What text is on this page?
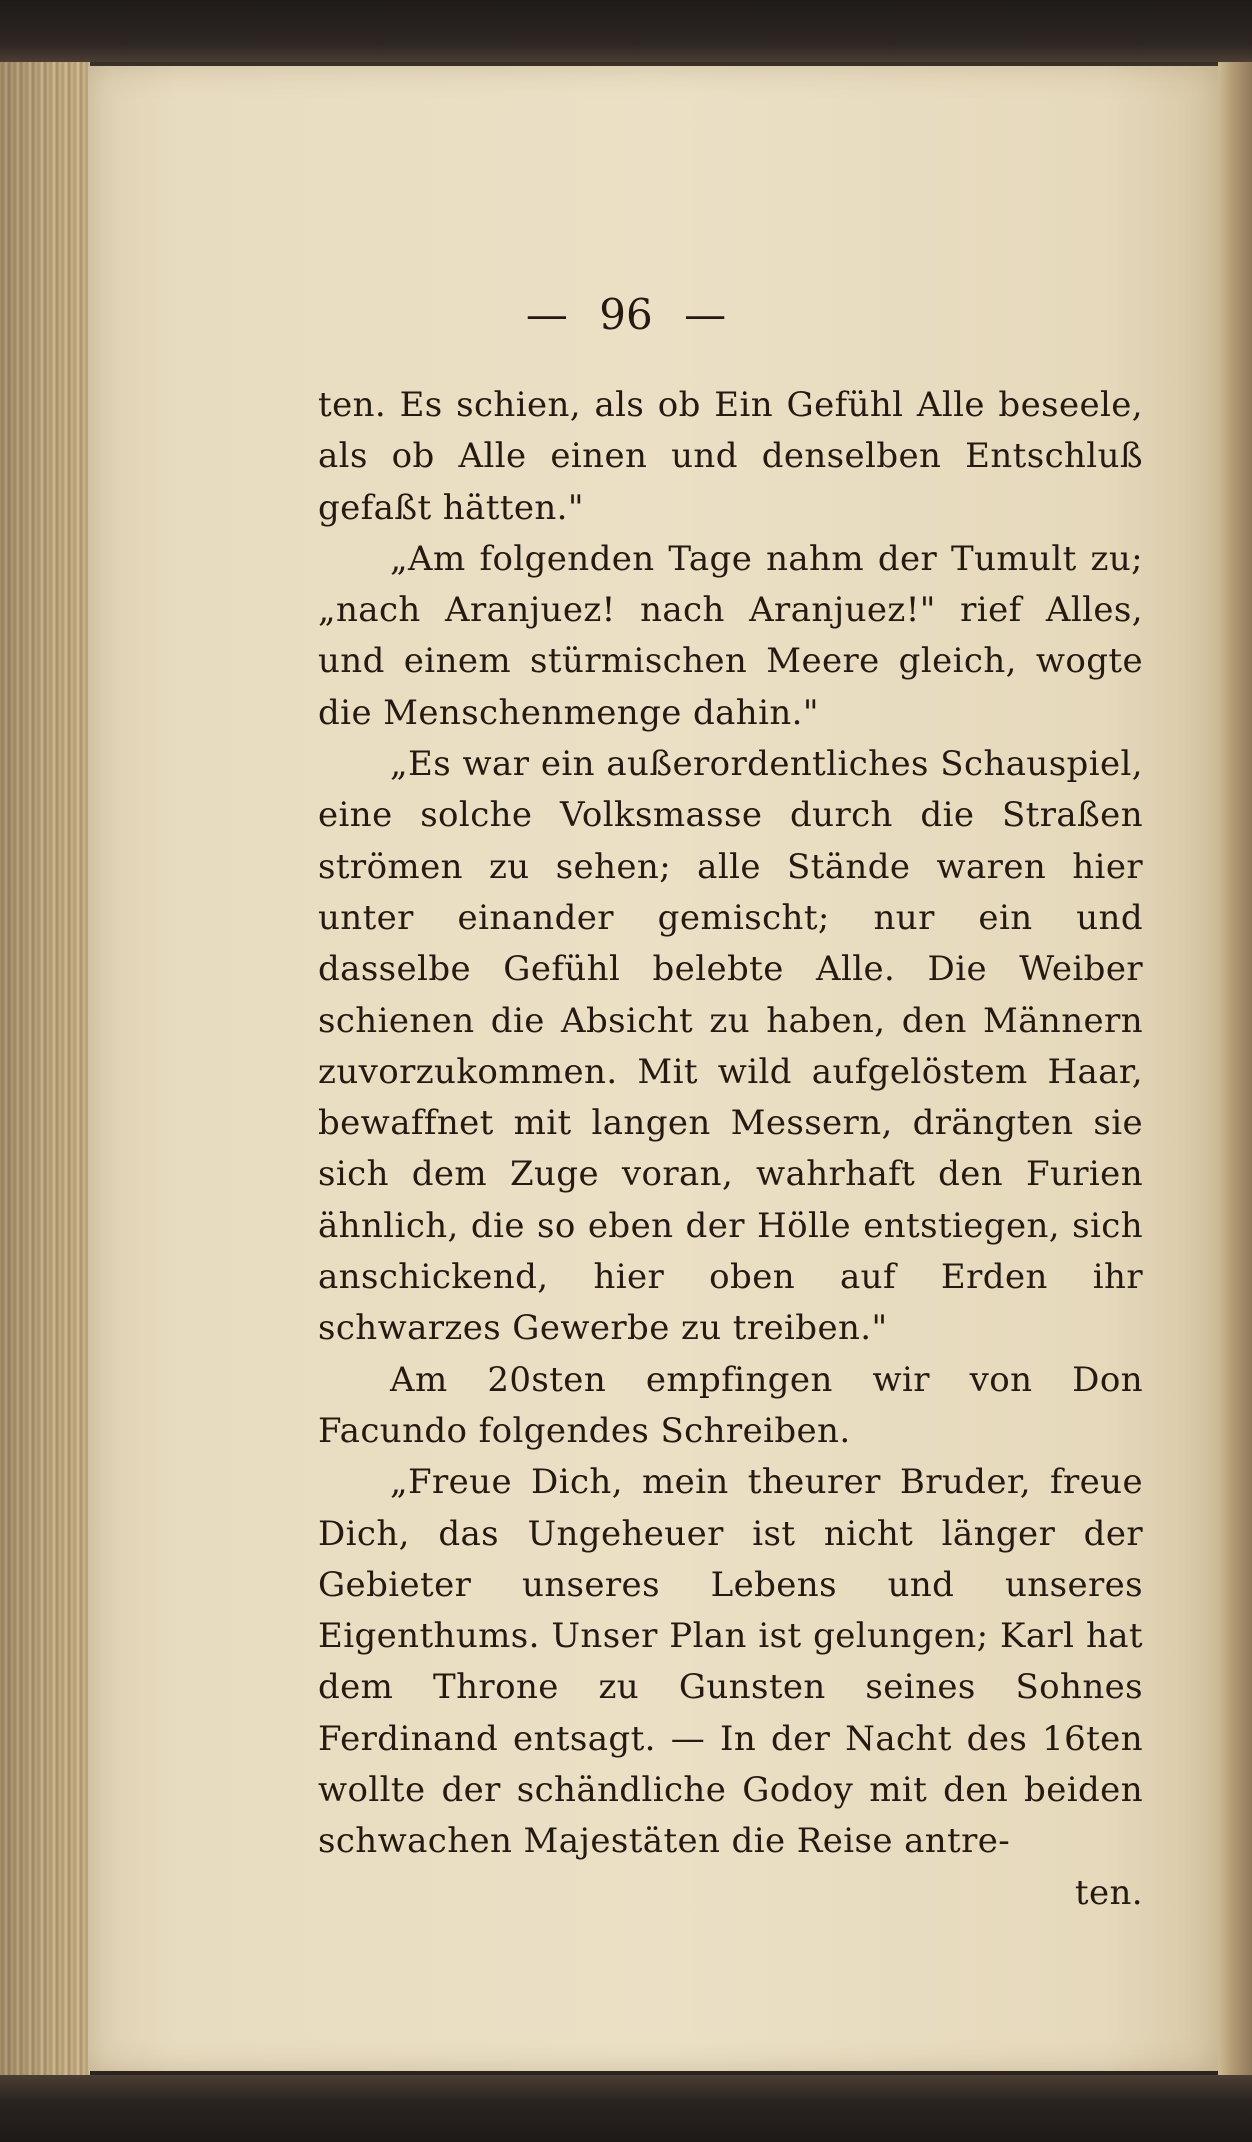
— 96 —

ten. Es schien, als ob Ein Gefühl Alle beseele, als ob Alle einen und denselben Entschluß gefaßt hätten."

„Am folgenden Tage nahm der Tumult zu; „nach Aranjuez! nach Aranjuez!" rief Alles, und einem stürmischen Meere gleich, wogte die Menschenmenge dahin."

„Es war ein außerordentliches Schauspiel, eine solche Volksmasse durch die Straßen strömen zu sehen; alle Stände waren hier unter einander gemischt; nur ein und dasselbe Gefühl belebte Alle. Die Weiber schienen die Absicht zu haben, den Männern zuvorzukommen. Mit wild aufgelöstem Haar, bewaffnet mit langen Messern, drängten sie sich dem Zuge voran, wahrhaft den Furien ähnlich, die so eben der Hölle entstiegen, sich anschickend, hier oben auf Erden ihr schwarzes Gewerbe zu treiben."

Am 20sten empfingen wir von Don Facundo folgendes Schreiben.

„Freue Dich, mein theurer Bruder, freue Dich, das Ungeheuer ist nicht länger der Gebieter unseres Lebens und unseres Eigenthums. Unser Plan ist gelungen; Karl hat dem Throne zu Gunsten seines Sohnes Ferdinand entsagt. — In der Nacht des 16ten wollte der schändliche Godoy mit den beiden schwachen Majestäten die Reise antre-

ten.
